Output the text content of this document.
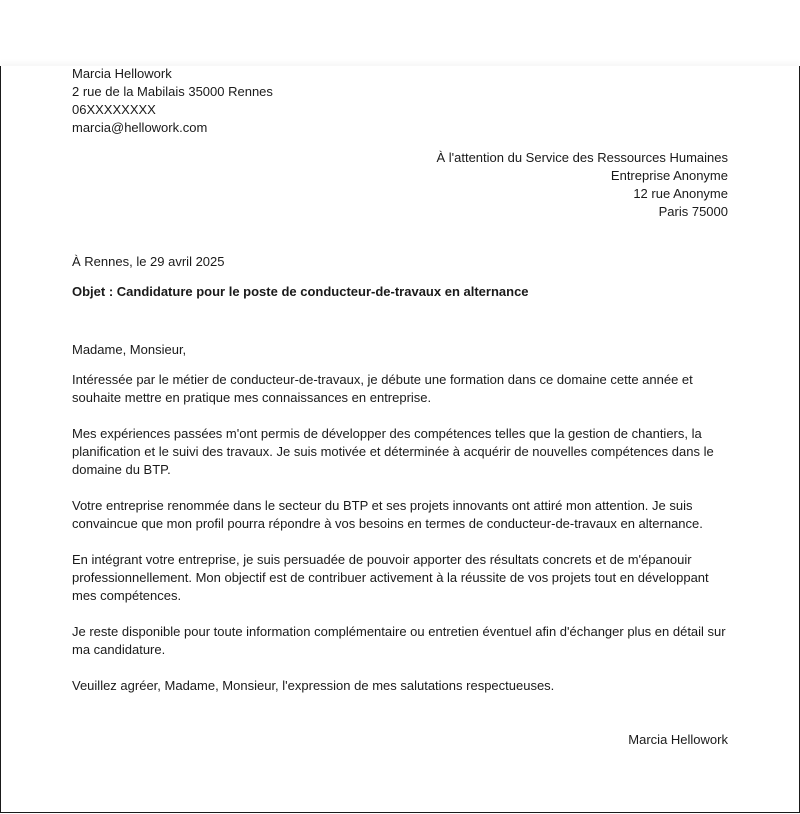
Marcia Hellowork
2 rue de la Mabilais 35000 Rennes
06XXXXXXXX
marcia@hellowork.com
À l'attention du Service des Ressources Humaines
Entreprise Anonyme
12 rue Anonyme
Paris 75000
À Rennes, le 29 avril 2025
Objet : Candidature pour le poste de conducteur-de-travaux en alternance
Madame, Monsieur,
Intéressée par le métier de conducteur-de-travaux, je débute une formation dans ce domaine cette année et
souhaite mettre en pratique mes connaissances en entreprise.
Mes expériences passées m'ont permis de développer des compétences telles que la gestion de chantiers, la
planification et le suivi des travaux. Je suis motivée et déterminée à acquérir de nouvelles compétences dans le
domaine du BTP.
Votre entreprise renommée dans le secteur du BTP et ses projets innovants ont attiré mon attention. Je suis
convaincue que mon profil pourra répondre à vos besoins en termes de conducteur-de-travaux en alternance.
En intégrant votre entreprise, je suis persuadée de pouvoir apporter des résultats concrets et de m'épanouir
professionnellement. Mon objectif est de contribuer activement à la réussite de vos projets tout en développant
mes compétences.
Je reste disponible pour toute information complémentaire ou entretien éventuel afin d'échanger plus en détail sur
ma candidature.
Veuillez agréer, Madame, Monsieur, l'expression de mes salutations respectueuses.
Marcia Hellowork
